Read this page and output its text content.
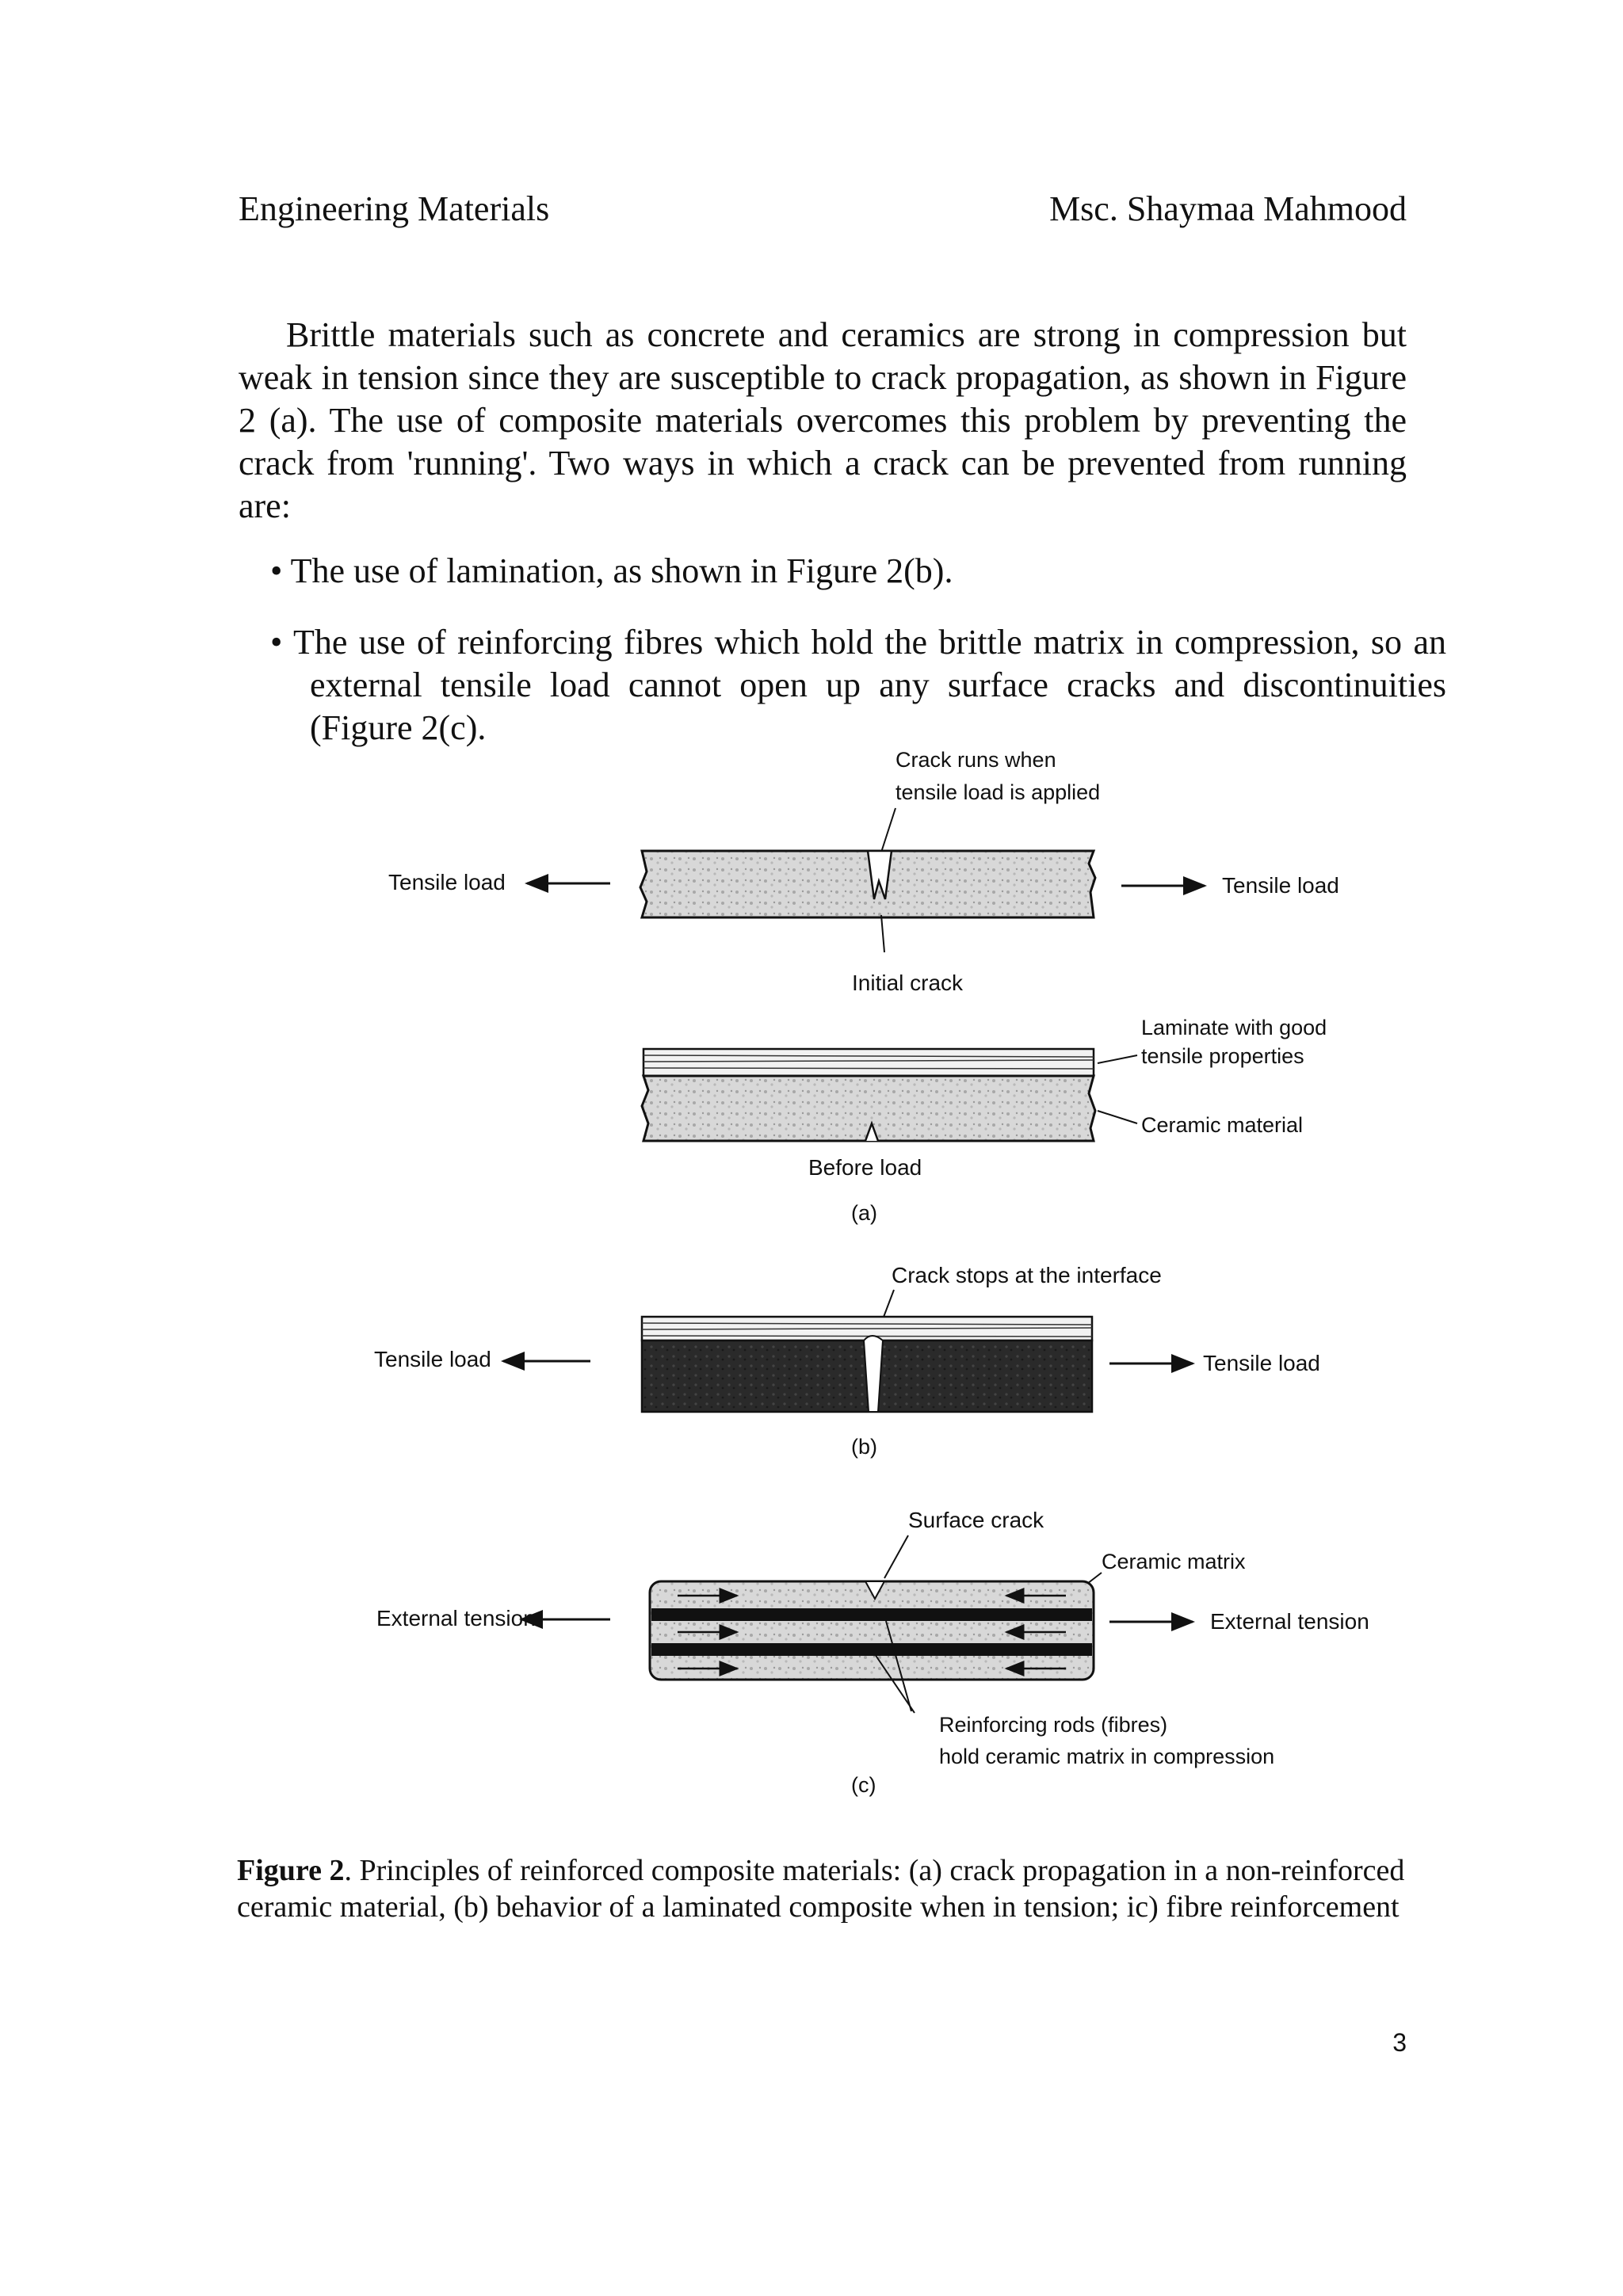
Engineering Materials	Msc. Shaymaa Mahmood
Brittle materials such as concrete and ceramics are strong in compression but weak in tension since they are susceptible to crack propagation, as shown in Figure 2 (a). The use of composite materials overcomes this problem by preventing the crack from 'running'. Two ways in which a crack can be prevented from running are:
• The use of lamination, as shown in Figure 2(b).
• The use of reinforcing fibres which hold the brittle matrix in compression, so an external tensile load cannot open up any surface cracks and discontinuities (Figure 2(c).
Crack runs when
tensile load is applied
Tensile load	Tensile load
Initial crack
Laminate with good
tensile properties
Ceramic material
Before load
(a)
Crack stops at the interface
Tensile load	Tensile load
(b)
Surface crack
Ceramic matrix
External tension	External tension
Reinforcing rods (fibres)
hold ceramic matrix in compression
(c)
Figure 2. Principles of reinforced composite materials: (a) crack propagation in a non-reinforced ceramic material, (b) behavior of a laminated composite when in tension; ic) fibre reinforcement
3
